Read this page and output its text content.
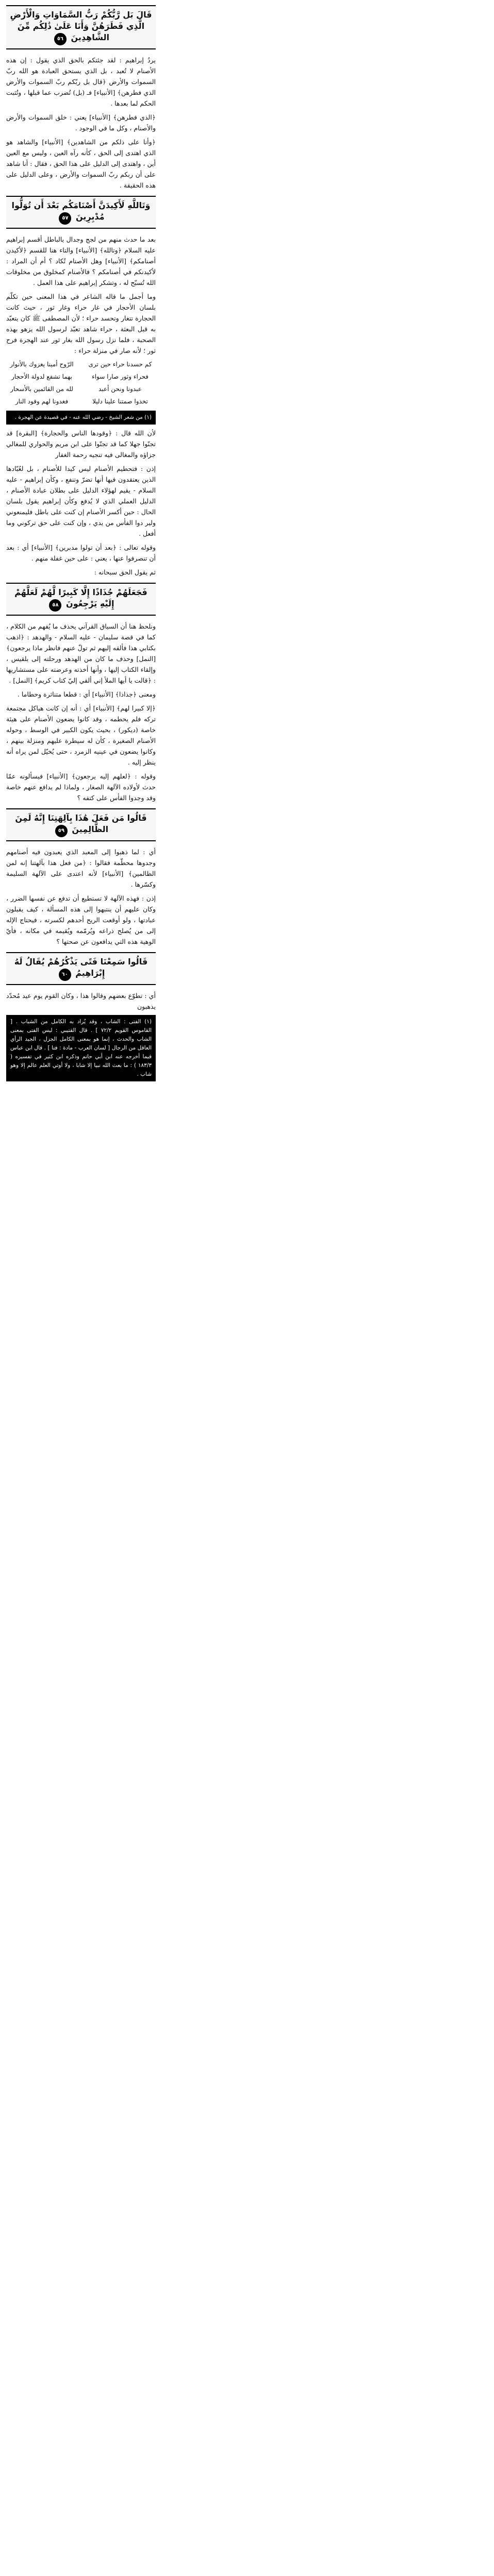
قَالَ بَل رَّبُّكُمْ رَبُّ السَّمَاوَاتِ وَالْأَرْضِ الَّذِي فَطَرَهُنَّ وَأَنَا عَلَىٰ ذَٰلِكُم مِّنَ الشَّاهِدِينَ ٥٦

يردُ إبراهيم : لقد جئتكم بالحق الذي يقول : إن هذه الأصنام لا تُعبد ، بل الذي يستحق العبادة هو الله ربّ السموات والأرض ﴿قال بل ربّكم ربّ السموات والأرض الذي فطرهن﴾ [الأنبياء] فـ (بل) تُضرب عما قبلها ، وتُثبت الحكم لما بعدها .

﴿الذي فطرهن﴾ [الأنبياء] يعني : خلق السموات والأرض والأصنام ، وكل ما في الوجود .

﴿وأنا على ذلكم من الشاهدين﴾ [الأنبياء] والشاهد هو الذي اهتدى إلى الحق ، كأنه رآه العين ، وليس مع العين أين ، واهتدى إلى الدليل على هذا الحق ، فقال : أنا شاهد على أن ربكم ربّ السموات والأرض ، وعلى الدليل على هذه الحقيقة .

وَتَاللَّهِ لَأَكِيدَنَّ أَصْنَامَكُم بَعْدَ أَن تُوَلُّوا مُدْبِرِينَ ٥٧

بعد ما حدث منهم من لجج وجدال بالباطل أقسم إبراهيم عليه السلام ﴿وتالله﴾ [الأنبياء] والتاء هنا للقسم ﴿لأكيدن أصنامكم﴾ [الأنبياء] وهل الأصنام تُكاد ؟ أم أن المراد : لأكيدنكم في أصنامكم ؟ فالأصنام كمخلوق من مخلوقات الله تُسبّح له ، وتشكر إبراهيم على هذا العمل .

وما أجمل ما قاله الشاعر في هذا المعنى حين تكلّم بلسان الأحجار في غار حراء وغار ثور ، حيث كانت الحجارة تتغار وتحسد حراء ؛ لأن المصطفى ﷺ كان يتعبّد به قبل البعثة ، حراء شاهد تعبّد لرسول الله يزهو بهذه الصحبة ، فلما نزل رسول الله بغار ثور عند الهجرة فرح ثور ؛ لأنه صار في منزلة حراء :

كم حسدنا حراء حين ترى
الرّوح أمينا يغزوك بالأنوار
فحراء وثور صارا سواء
بهما تشفع لدولة الأحجار
عبدونا ونحن أعبد
لله من القائمين بالأسحار
تخذوا صمتنا علينا دليلا
فغدونا لهم وقود النار
(١) من شعر الشيخ - رضي الله عنه - في قصيدة عن الهجرة .

لأن الله قال : ﴿وقودها الناس والحجارة﴾ [البقرة] قد تجنّوا جهلا كما قد تجنّوا على ابن مريم والحواري للمغالي جزاؤه والمغالى فيه تنجيه رحمة الغفار

إذن : فتحطيم الأصنام ليس كيدا للأصنام ، بل لعُبّادها الذين يعتقدون فيها أنها تضرّ وتنفع ، وكأن إبراهيم - عليه السلام - يقيم لهؤلاء الدليل على بطلان عبادة الأصنام ، الدليل العملي الذي لا يُدفع وكأن إبراهيم يقول بلسان الحال : حين أكسر الأصنام إن كنت على باطل فليمنعوني ولير دوا الفأس من يدي ، وإن كنت على حق تركوني وما أفعل .

وقوله تعالى : ﴿بعد أن تولوا مدبرين﴾ [الأنبياء] أي : بعد أن تنصرفوا عنها ، يعني : على حين غفلة منهم .

ثم يقول الحق سبحانه :

فَجَعَلَهُمْ جُذَاذًا إِلَّا كَبِيرًا لَّهُمْ لَعَلَّهُمْ إِلَيْهِ يَرْجِعُونَ ٥٨

ونلحظ هنا أن السياق القرآني يحذف ما يُفهم من الكلام ، كما في قصة سليمان - عليه السلام - والهدهد : ﴿اذهب بكتابي هذا فألقه إليهم ثم تولّ عنهم فانظر ماذا يرجعون﴾ [النمل] وحذف ما كان من الهدهد ورحلته إلى بلقيس ، وإلقاء الكتاب إليها ، وأنها أخذته وعرضته على مستشاريها : ﴿قالت يا أيها الملأ إني ألقي إليّ كتاب كريم﴾ [النمل] .

ومعنى ﴿جذاذا﴾ [الأنبياء] أي : قطعا متناثرة وحطاما .

﴿إلا كبيرا لهم﴾ [الأنبياء] أي : أنه إن كانت هياكل مجتمعة تركه فلم يحطمه ، وقد كانوا يضعون الأصنام على هيئة خاصة (ديكور) ، بحيث يكون الكبير في الوسط ، وحوله الأصنام الصغيرة ، كأن له سيطرة عليهم ومنزلة بينهم ، وكانوا يضعون في عينيه الزمرد ، حتى يُخيّل لمن يراه أنه ينظر إليه .

وقوله : ﴿لعلهم إليه يرجعون﴾ [الأنبياء] فيسألونه عمّا حدث لأولاده الآلهة الصغار ، ولماذا لم يدافع عنهم خاصة وقد وجدوا الفأس على كتفه ؟

قَالُوا مَن فَعَلَ هَٰذَا بِآلِهَتِنَا إِنَّهُ لَمِنَ الظَّالِمِينَ ٥٩

أي : لما ذهبوا إلى المعبد الذي يعبدون فيه أصنامهم وجدوها محطّمة فقالوا : ﴿من فعل هذا بآلهتنا إنه لمن الظالمين﴾ [الأنبياء] لأنه اعتدى على الآلهة السليمة وكسّرها .

إذن : فهذه الآلهة لا تستطيع أن تدفع عن نفسها الضرر ، وكان عليهم أن ينتبهوا إلى هذه المسألة ، كيف يقبلون عبادتها ، ولو أوقعت الريح أحدهم لكسرته ، فيحتاج الإله إلى من يُصلح ذراعه ويُرمّمه ويُقيمه في مكانه ، فأيّ الوهية هذه التي يدافعون عن صحتها ؟

قَالُوا سَمِعْنَا فَتًى يَذْكُرُهُمْ يُقَالُ لَهُ إِبْرَاهِيمُ ٦٠

أي : تطوّع بعضهم وقالوا هذا ، وكان القوم يوم عيد مُحدّد يذهبون

(١) الفتى : الشاب ، وقد يُراد به الكامل من الشباب . [ القاموس القويم ٧٢/٢ ] . قال القتيبي : ليس الفتى بمعنى الشاب والحدث ، إنما هو بمعنى الكامل الجزل ، الجيد الرأي العاقل من الرجال [ لسان العرب - مادة : فتا ] . قال ابن عباس فيما أخرجه عنه ابن أبي حاتم وذكره ابن كثير في تفسيره ( ١٨٣/٣ ) : ما بعث الله نبيا إلا شابا ، ولا أوتي العلم عالم إلا وهو شاب .
